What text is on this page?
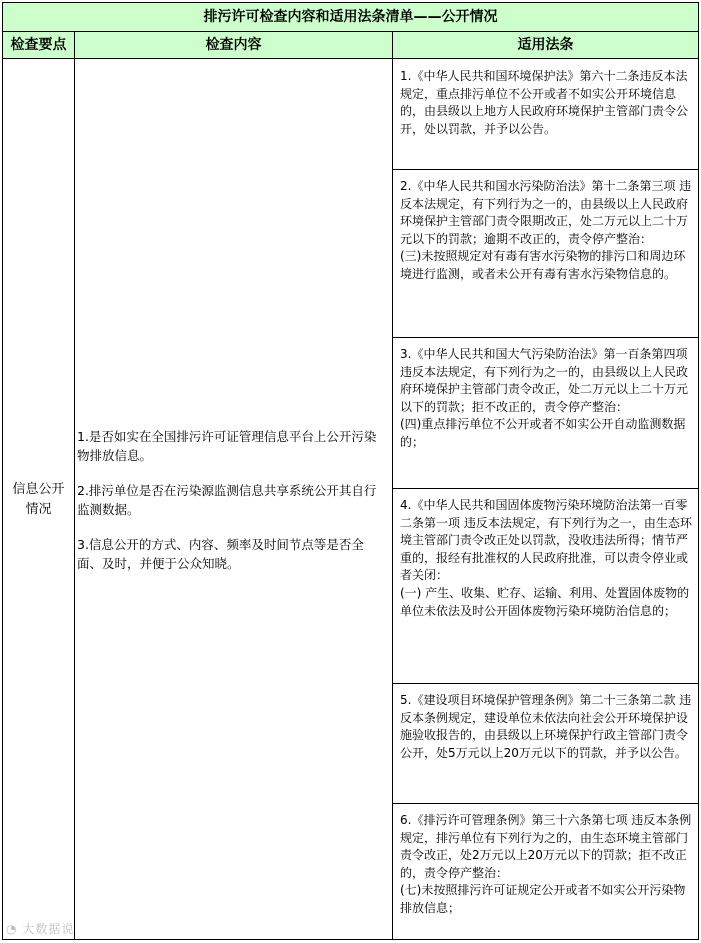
排污许可检查内容和适用法条清单——公开情况
检查要点	检查内容	适用法条
信息公开情况

1.是否如实在全国排污许可证管理信息平台上公开污染物排放信息。

2.排污单位是否在污染源监测信息共享系统公开其自行监测数据。

3.信息公开的方式、内容、频率及时间节点等是否全面、及时，并便于公众知晓。

1.《中华人民共和国环境保护法》第六十二条违反本法规定，重点排污单位不公开或者不如实公开环境信息的，由县级以上地方人民政府环境保护主管部门责令公开，处以罚款，并予以公告。

2.《中华人民共和国水污染防治法》第十二条第三项 违反本法规定，有下列行为之一的，由县级以上人民政府环境保护主管部门责令限期改正，处二万元以上二十万元以下的罚款；逾期不改正的，责令停产整治：

(三)未按照规定对有毒有害水污染物的排污口和周边环境进行监测，或者未公开有毒有害水污染物信息的。

3.《中华人民共和国大气污染防治法》第一百条第四项 违反本法规定，有下列行为之一的，由县级以上人民政府环境保护主管部门责令改正，处二万元以上二十万元以下的罚款；拒不改正的，责令停产整治：

(四)重点排污单位不公开或者不如实公开自动监测数据的；

4.《中华人民共和国固体废物污染环境防治法第一百零二条第一项 违反本法规定，有下列行为之一，由生态环境主管部门责令改正处以罚款，没收违法所得；情节严重的，报经有批准权的人民政府批准，可以责令停业或者关闭：

(一) 产生、收集、贮存、运输、利用、处置固体废物的单位未依法及时公开固体废物污染环境防治信息的；

5.《建设项目环境保护管理条例》第二十三条第二款 违反本条例规定，建设单位未依法向社会公开环境保护设施验收报告的，由县级以上环境保护行政主管部门责令公开，处5万元以上20万元以下的罚款，并予以公告。

6.《排污许可管理条例》第三十六条第七项 违反本条例规定，排污单位有下列行为之的，由生态环境主管部门责令改正，处2万元以上20万元以下的罚款；拒不改正的，责令停产整治：

(七)未按照排污许可证规定公开或者不如实公开污染物排放信息；

◔ 大数据说
